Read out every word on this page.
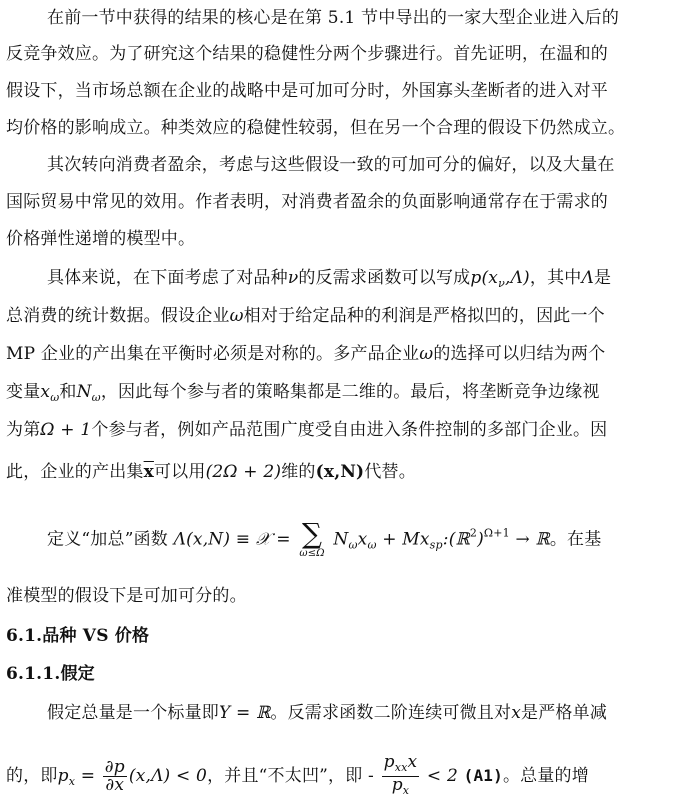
在前一节中获得的结果的核心是在第 5.1 节中导出的一家大型企业进入后的
反竞争效应。为了研究这个结果的稳健性分两个步骤进行。首先证明，在温和的
假设下，当市场总额在企业的战略中是可加可分时，外国寡头垄断者的进入对平
均价格的影响成立。种类效应的稳健性较弱，但在另一个合理的假设下仍然成立。
其次转向消费者盈余，考虑与这些假设一致的可加可分的偏好，以及大量在
国际贸易中常见的效用。作者表明，对消费者盈余的负面影响通常存在于需求的
价格弹性递增的模型中。
具体来说，在下面考虑了对品种ν的反需求函数可以写成$p(x_\nu,\Lambda)$，其中Λ是
总消费的统计数据。假设企业ω相对于给定品种的利润是严格拟凹的，因此一个
MP 企业的产出集在平衡时必须是对称的。多产品企业ω的选择可以归结为两个
变量$x_\omega$和$N_\omega$，因此每个参与者的策略集都是二维的。最后，将垄断竞争边缘视
为第Ω + 1个参与者，例如产品范围广度受自由进入条件控制的多部门企业。因
此，企业的产出集$\overline{x}$可以用(2Ω + 2)维的(x,N)代替。
定义“加总”函数 Λ(x,N) ≡ 𝒳 = ∑
ω≤Ω
$N_\omega x_\omega$ + $Mx_{sp}:(ℝ^2)^{\Omega+1}$ → ℝ。在基
准模型的假设下是可加可分的。
6.1.品种 VS 价格
6.1.1.假定
假定总量是一个标量即Y = ℝ。反需求函数二阶连续可微且对x是严格单减
的，即$p_x = \frac{\partial p}{\partial x} (x,\Lambda) < 0$，并且“不太凹”，即 - $\frac{p_{xx}x}{p_x} < 2$ (A1)。总量的增
